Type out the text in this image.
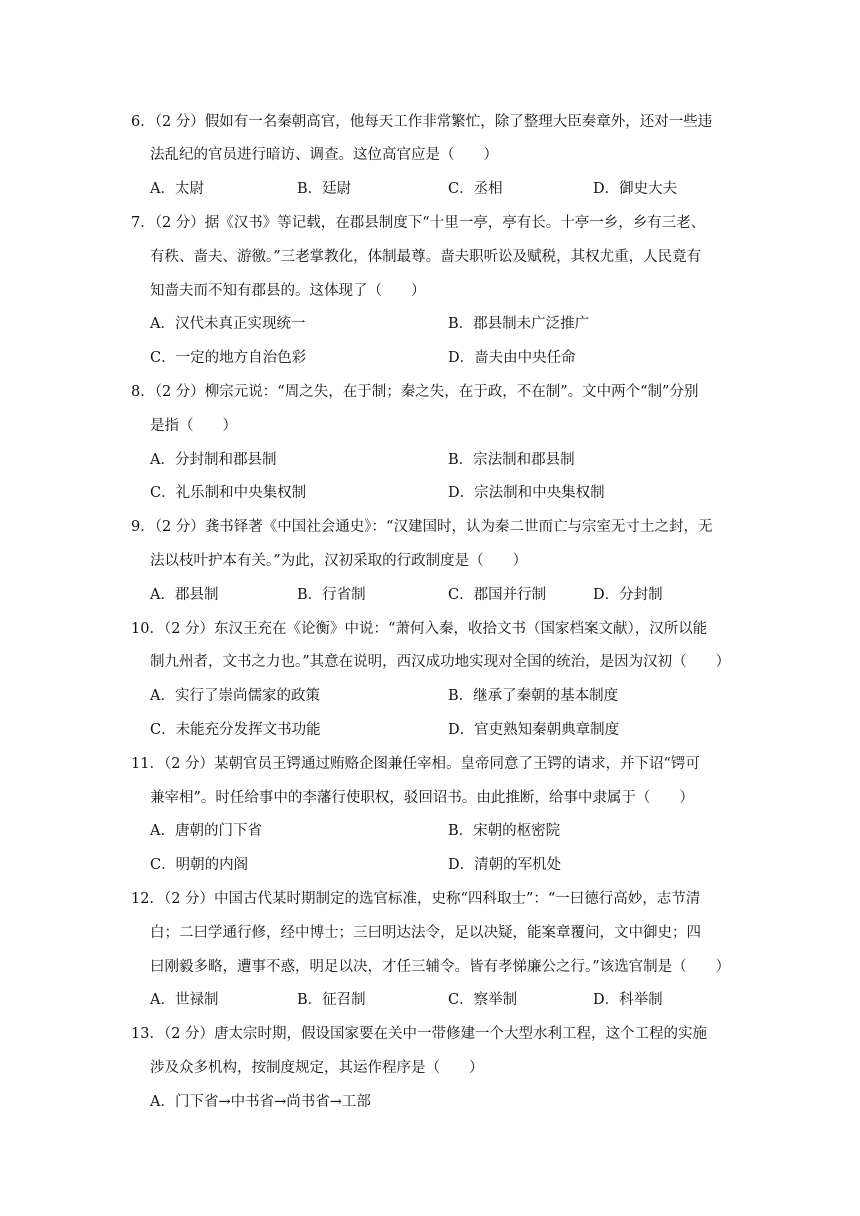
6．（2 分）假如有一名秦朝高官，他每天工作非常繁忙，除了整理大臣奏章外，还对一些违
法乱纪的官员进行暗访、调查。这位高官应是（　　）
A．太尉	B．廷尉	C．丞相	D．御史大夫
7．（2 分）据《汉书》等记载，在郡县制度下“十里一亭，亭有长。十亭一乡，乡有三老、
有秩、啬夫、游徼。”三老掌教化，体制最尊。啬夫职听讼及赋税，其权尤重，人民竟有
知啬夫而不知有郡县的。这体现了（　　）
A．汉代未真正实现统一	B．郡县制未广泛推广
C．一定的地方自治色彩	D．啬夫由中央任命
8．（2 分）柳宗元说：“周之失，在于制；秦之失，在于政，不在制”。文中两个“制”分别
是指（　　）
A．分封制和郡县制	B．宗法制和郡县制
C．礼乐制和中央集权制	D．宗法制和中央集权制
9．（2 分）龚书铎著《中国社会通史》：“汉建国时，认为秦二世而亡与宗室无寸土之封，无
法以枝叶护本有关。”为此，汉初采取的行政制度是（　　）
A．郡县制	B．行省制	C．郡国并行制	D．分封制
10．（2 分）东汉王充在《论衡》中说：“萧何入秦，收拾文书（国家档案文献），汉所以能
制九州者，文书之力也。”其意在说明，西汉成功地实现对全国的统治，是因为汉初（　　）
A．实行了崇尚儒家的政策	B．继承了秦朝的基本制度
C．未能充分发挥文书功能	D．官吏熟知秦朝典章制度
11．（2 分）某朝官员王锷通过贿赂企图兼任宰相。皇帝同意了王锷的请求，并下诏“锷可
兼宰相”。时任给事中的李藩行使职权，驳回诏书。由此推断，给事中隶属于（　　）
A．唐朝的门下省	B．宋朝的枢密院
C．明朝的内阁	D．清朝的军机处
12．（2 分）中国古代某时期制定的选官标准，史称“四科取士”：“一曰德行高妙，志节清
白；二曰学通行修，经中博士；三曰明达法令，足以决疑，能案章覆问，文中御史；四
曰刚毅多略，遭事不惑，明足以决，才任三辅令。皆有孝悌廉公之行。”该选官制是（　　）
A．世禄制	B．征召制	C．察举制	D．科举制
13．（2 分）唐太宗时期，假设国家要在关中一带修建一个大型水利工程，这个工程的实施
涉及众多机构，按制度规定，其运作程序是（　　）
A．门下省→中书省→尚书省→工部
